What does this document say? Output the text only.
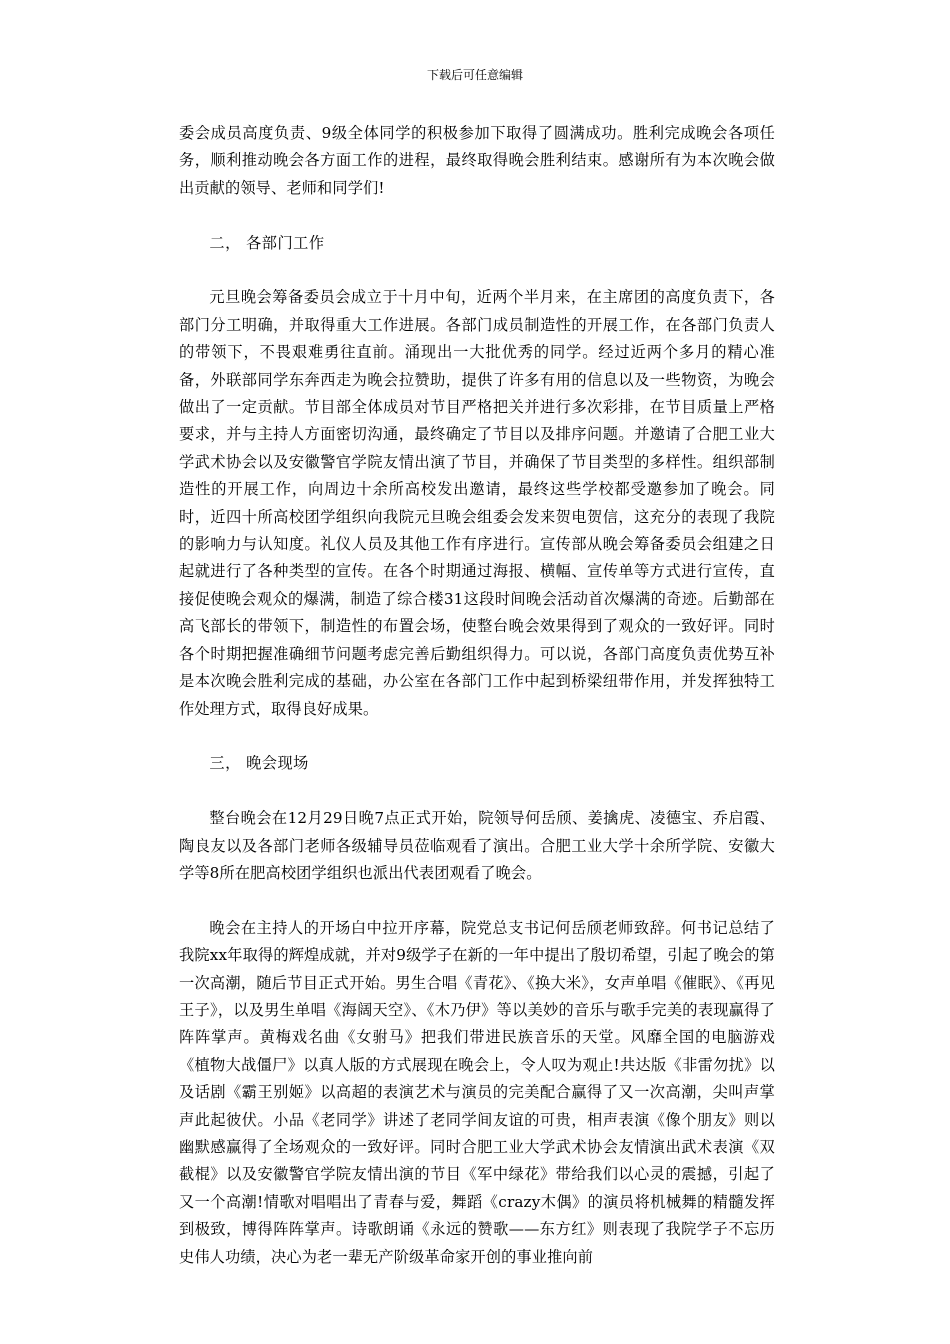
下载后可任意编辑

委会成员高度负责、9级全体同学的积极参加下取得了圆满成功。胜利完成晚会各项任务，顺利推动晚会各方面工作的进程，最终取得晚会胜利结束。感谢所有为本次晚会做出贡献的领导、老师和同学们!

二， 各部门工作

元旦晚会筹备委员会成立于十月中旬，近两个半月来，在主席团的高度负责下，各部门分工明确，并取得重大工作进展。各部门成员制造性的开展工作，在各部门负责人的带领下，不畏艰难勇往直前。涌现出一大批优秀的同学。经过近两个多月的精心准备，外联部同学东奔西走为晚会拉赞助，提供了许多有用的信息以及一些物资，为晚会做出了一定贡献。节目部全体成员对节目严格把关并进行多次彩排，在节目质量上严格要求，并与主持人方面密切沟通，最终确定了节目以及排序问题。并邀请了合肥工业大学武术协会以及安徽警官学院友情出演了节目，并确保了节目类型的多样性。组织部制造性的开展工作，向周边十余所高校发出邀请，最终这些学校都受邀参加了晚会。同时，近四十所高校团学组织向我院元旦晚会组委会发来贺电贺信，这充分的表现了我院的影响力与认知度。礼仪人员及其他工作有序进行。宣传部从晚会筹备委员会组建之日起就进行了各种类型的宣传。在各个时期通过海报、横幅、宣传单等方式进行宣传，直接促使晚会观众的爆满，制造了综合楼31这段时间晚会活动首次爆满的奇迹。后勤部在高飞部长的带领下，制造性的布置会场，使整台晚会效果得到了观众的一致好评。同时各个时期把握准确细节问题考虑完善后勤组织得力。可以说，各部门高度负责优势互补是本次晚会胜利完成的基础，办公室在各部门工作中起到桥梁纽带作用，并发挥独特工作处理方式，取得良好成果。

三， 晚会现场

整台晚会在12月29日晚7点正式开始，院领导何岳颀、姜擒虎、凌德宝、乔启霞、陶良友以及各部门老师各级辅导员莅临观看了演出。合肥工业大学十余所学院、安徽大学等8所在肥高校团学组织也派出代表团观看了晚会。

晚会在主持人的开场白中拉开序幕，院党总支书记何岳颀老师致辞。何书记总结了我院xx年取得的辉煌成就，并对9级学子在新的一年中提出了殷切希望，引起了晚会的第一次高潮，随后节目正式开始。男生合唱《青花》、《换大米》，女声单唱《催眠》、《再见王子》，以及男生单唱《海阔天空》、《木乃伊》等以美妙的音乐与歌手完美的表现赢得了阵阵掌声。黄梅戏名曲《女驸马》把我们带进民族音乐的天堂。风靡全国的电脑游戏《植物大战僵尸》以真人版的方式展现在晚会上，令人叹为观止!共达版《非雷勿扰》以及话剧《霸王别姬》以高超的表演艺术与演员的完美配合赢得了又一次高潮，尖叫声掌声此起彼伏。小品《老同学》讲述了老同学间友谊的可贵，相声表演《像个朋友》则以幽默感赢得了全场观众的一致好评。同时合肥工业大学武术协会友情演出武术表演《双截棍》以及安徽警官学院友情出演的节目《军中绿花》带给我们以心灵的震撼，引起了又一个高潮!情歌对唱唱出了青春与爱，舞蹈《crazy木偶》的演员将机械舞的精髓发挥到极致，博得阵阵掌声。诗歌朗诵《永远的赞歌——东方红》则表现了我院学子不忘历史伟人功绩，决心为老一辈无产阶级革命家开创的事业推向前
